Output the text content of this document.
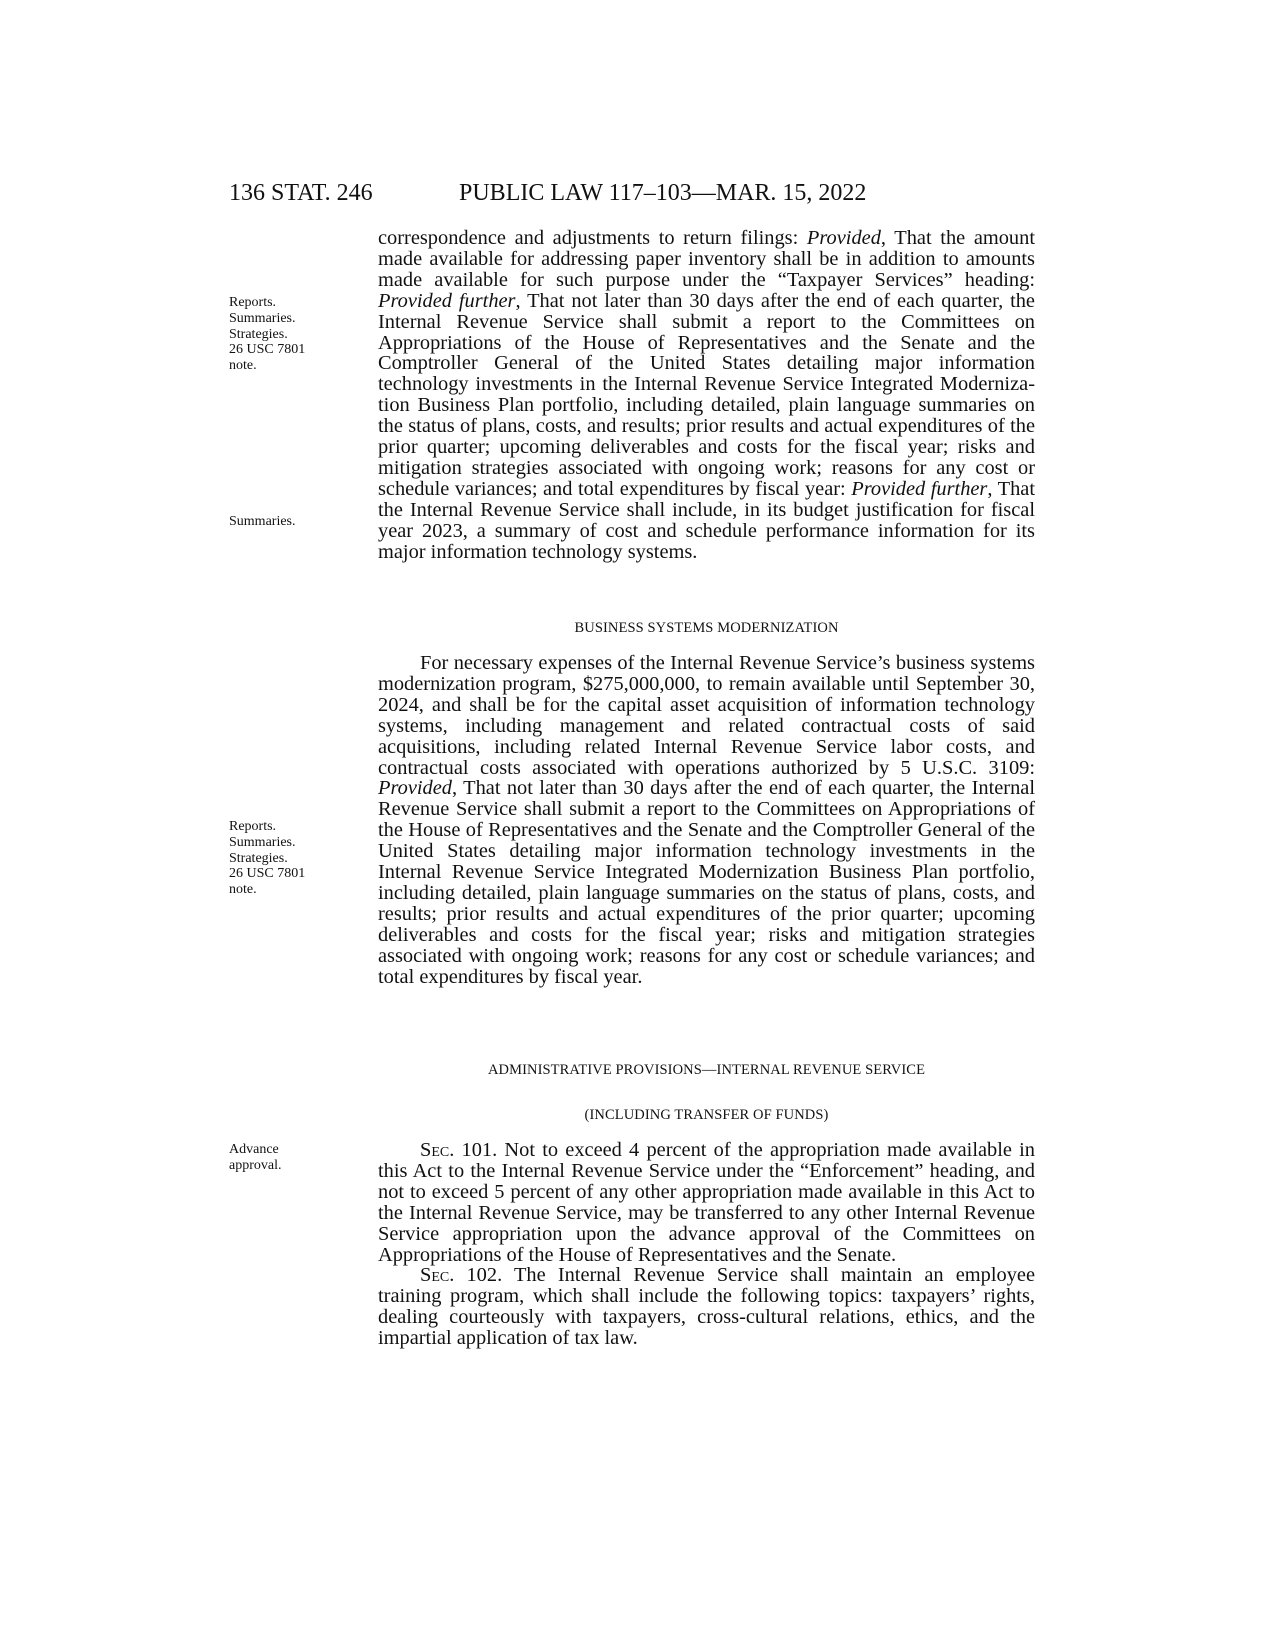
136 STAT. 246	PUBLIC LAW 117–103—MAR. 15, 2022
Reports.
Summaries.
Strategies.
26 USC 7801
note.
Summaries.
Reports.
Summaries.
Strategies.
26 USC 7801
note.
Advance
approval.

correspondence and adjustments to return filings: Provided, That the amount made available for addressing paper inventory shall be in addition to amounts made available for such purpose under the “Taxpayer Services” heading: Provided further, That not later than 30 days after the end of each quarter, the Internal Revenue Service shall submit a report to the Committees on Appropriations of the House of Representatives and the Senate and the Comptroller General of the United States detailing major information technology investments in the Internal Revenue Service Integrated Modernization Business Plan portfolio, including detailed, plain language summaries on the status of plans, costs, and results; prior results and actual expenditures of the prior quarter; upcoming deliverables and costs for the fiscal year; risks and mitigation strategies associated with ongoing work; reasons for any cost or schedule variances; and total expenditures by fiscal year: Provided further, That the Internal Revenue Service shall include, in its budget justification for fiscal year 2023, a summary of cost and schedule performance information for its major information technology systems.

BUSINESS SYSTEMS MODERNIZATION

For necessary expenses of the Internal Revenue Service’s business systems modernization program, $275,000,000, to remain available until September 30, 2024, and shall be for the capital asset acquisition of information technology systems, including management and related contractual costs of said acquisitions, including related Internal Revenue Service labor costs, and contractual costs associated with operations authorized by 5 U.S.C. 3109: Provided, That not later than 30 days after the end of each quarter, the Internal Revenue Service shall submit a report to the Committees on Appropriations of the House of Representatives and the Senate and the Comptroller General of the United States detailing major information technology investments in the Internal Revenue Service Integrated Modernization Business Plan portfolio, including detailed, plain language summaries on the status of plans, costs, and results; prior results and actual expenditures of the prior quarter; upcoming deliverables and costs for the fiscal year; risks and mitigation strategies associated with ongoing work; reasons for any cost or schedule variances; and total expenditures by fiscal year.

ADMINISTRATIVE PROVISIONS—INTERNAL REVENUE SERVICE
(INCLUDING TRANSFER OF FUNDS)

Sec. 101. Not to exceed 4 percent of the appropriation made available in this Act to the Internal Revenue Service under the “Enforcement” heading, and not to exceed 5 percent of any other appropriation made available in this Act to the Internal Revenue Service, may be transferred to any other Internal Revenue Service appropriation upon the advance approval of the Committees on Appropriations of the House of Representatives and the Senate.

Sec. 102. The Internal Revenue Service shall maintain an employee training program, which shall include the following topics: taxpayers’ rights, dealing courteously with taxpayers, cross-cultural relations, ethics, and the impartial application of tax law.
